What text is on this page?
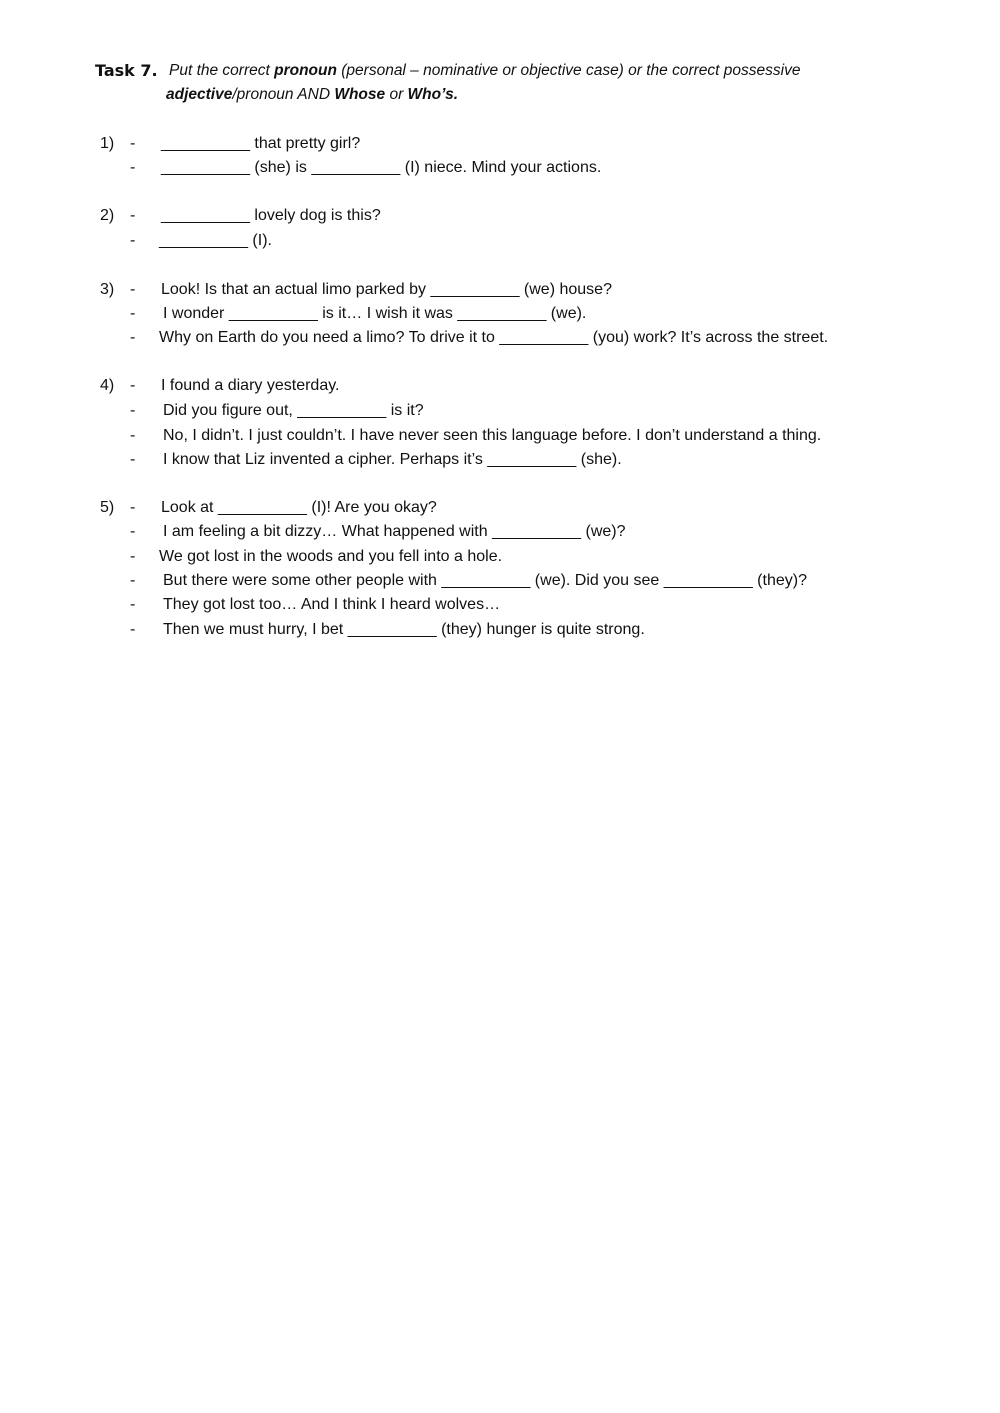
Task 7. Put the correct pronoun (personal – nominative or objective case) or the correct possessive
adjective/pronoun AND Whose or Who’s.
1) - __________ that pretty girl?
- __________ (she) is __________ (I) niece. Mind your actions.
2) - __________ lovely dog is this?
- __________ (I).
3) - Look! Is that an actual limo parked by __________ (we) house?
- I wonder __________ is it… I wish it was __________ (we).
- Why on Earth do you need a limo? To drive it to __________ (you) work? It’s across the street.
4) - I found a diary yesterday.
- Did you figure out, __________ is it?
- No, I didn’t. I just couldn’t. I have never seen this language before. I don’t understand a thing.
- I know that Liz invented a cipher. Perhaps it’s __________ (she).
5) - Look at __________ (I)! Are you okay?
- I am feeling a bit dizzy… What happened with __________ (we)?
- We got lost in the woods and you fell into a hole.
- But there were some other people with __________ (we). Did you see __________ (they)?
- They got lost too… And I think I heard wolves…
- Then we must hurry, I bet __________ (they) hunger is quite strong.
